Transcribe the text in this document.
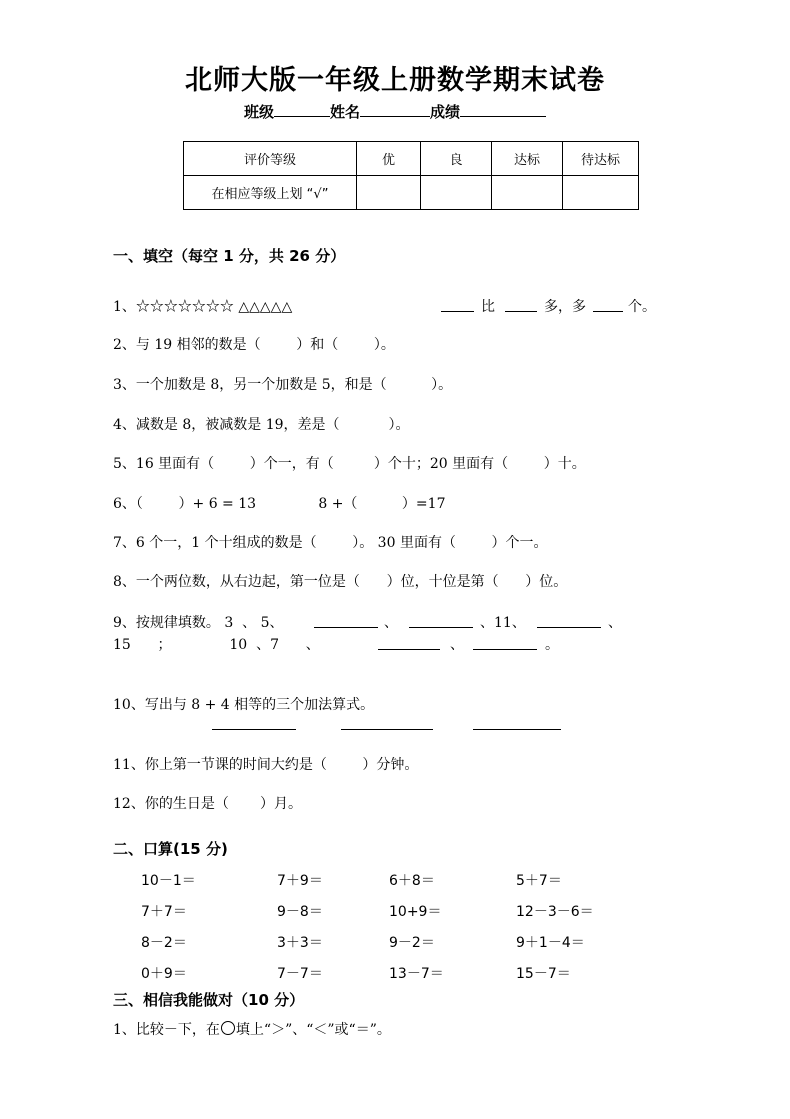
北师大版一年级上册数学期末试卷
班级	姓名	成绩
评价等级	优	良	达标	待达标
在相应等级上划 “√”				
一、填空（每空 1 分，共 26 分）
1、☆☆☆☆☆☆☆ △△△△△	比	多，多	个。
2、与 19 相邻的数是（        ）和（        ）。
3、一个加数是 8，另一个加数是 5，和是（          ）。
4、减数是 8，被减数是 19，差是（           ）。
5、16 里面有（        ）个一，有（         ）个十；20 里面有（        ）十。
6、（        ）+ 6 = 13              8 +（          ）=17
7、6 个一，1 个十组成的数是（        ）。 30 里面有（        ）个一。
8、一个两位数，从右边起，第一位是（      ）位，十位是第（      ）位。
9、按规律填数。 3  、 5、	、	、11、	、
15      ；             10  、7      、	、	。
10、写出与 8 + 4 相等的三个加法算式。
11、你上第一节课的时间大约是（        ）分钟。
12、你的生日是（       ）月。
二、口算(15 分)
10－1＝	7＋9＝	6＋8＝	5＋7＝
7＋7＝	9－8＝	10+9＝	12－3－6＝
8－2＝	3＋3＝	9－2＝	9＋1－4＝
0＋9＝	7－7＝	13－7＝	15－7＝
三、相信我能做对（10 分）
1、比较－下，在 填上“＞”、“＜”或“＝”。
